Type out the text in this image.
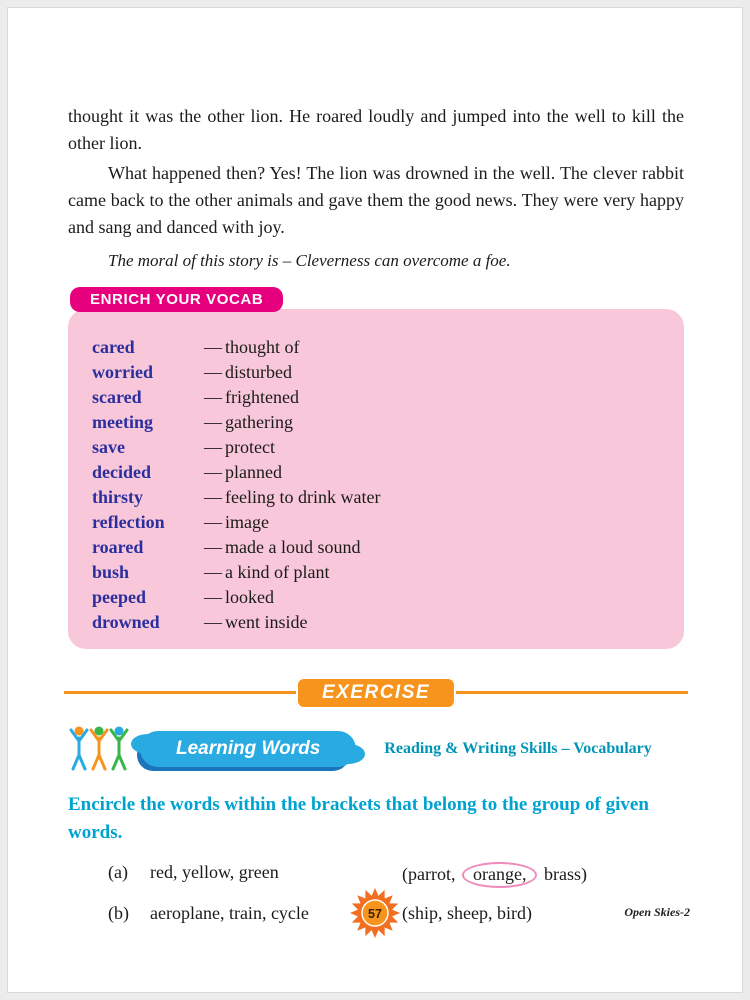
thought it was the other lion. He roared loudly and jumped into the well to kill the other lion.

What happened then? Yes! The lion was drowned in the well. The clever rabbit came back to the other animals and gave them the good news. They were very happy and sang and danced with joy.

The moral of this story is – Cleverness can overcome a foe.

ENRICH YOUR VOCAB
cared	— thought of
worried	— disturbed
scared	— frightened
meeting	— gathering
save	— protect
decided	— planned
thirsty	— feeling to drink water
reflection	— image
roared	— made a loud sound
bush	— a kind of plant
peeped	— looked
drowned	— went inside
EXERCISE
Learning Words	Reading & Writing Skills – Vocabulary

Encircle the words within the brackets that belong to the group of given words.

(a)	red, yellow, green	(parrot, orange, brass)
(b)	aeroplane, train, cycle	(ship, sheep, bird)
57	Open Skies-2
